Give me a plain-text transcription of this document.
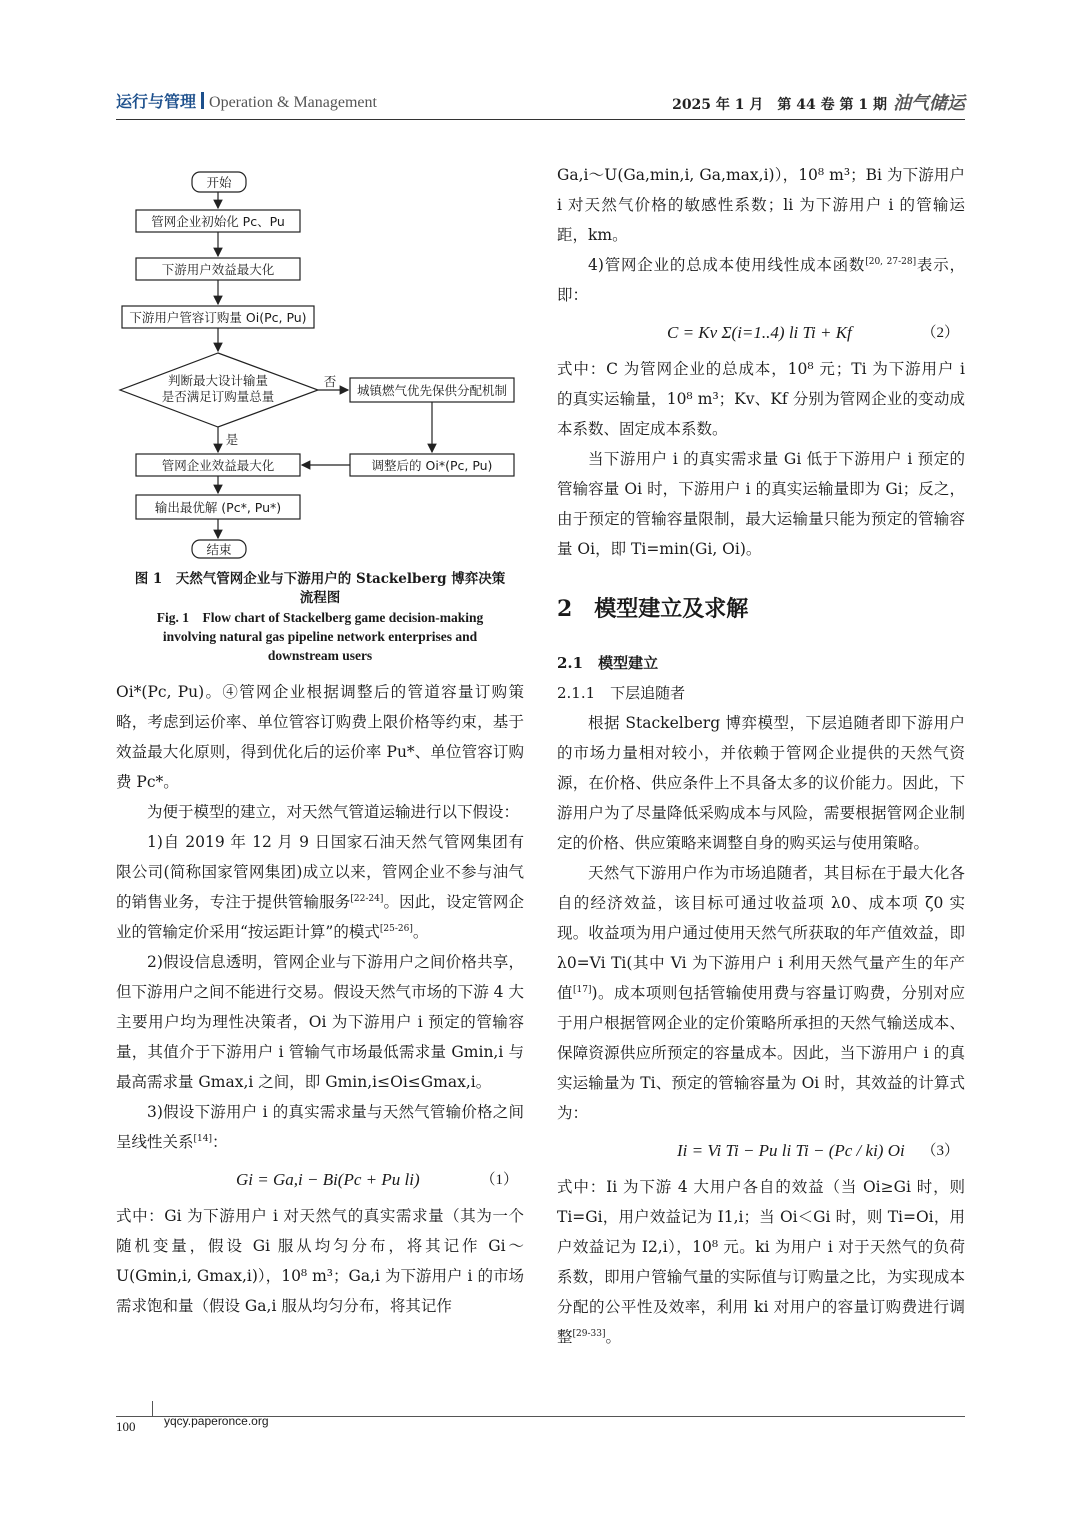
运行与管理 Operation & Management	2025 年 1 月　第 44 卷 第 1 期 油气储运
开始
管网企业初始化 Pc、Pu
下游用户效益最大化
下游用户管容订购量 Oi(Pc, Pu)
判断最大设计输量
是否满足订购量总量
否
是
城镇燃气优先保供分配机制
调整后的 Oi*(Pc, Pu)
管网企业效益最大化
输出最优解 (Pc*, Pu*)
结束
图 1　天然气管网企业与下游用户的 Stackelberg 博弈决策
流程图
Fig. 1　Flow chart of Stackelberg game decision-making
involving natural gas pipeline network enterprises and
downstream users

Oi*(Pc, Pu)。④管网企业根据调整后的管道容量订购策略，考虑到运价率、单位管容订购费上限价格等约束，基于效益最大化原则，得到优化后的运价率 Pu*、单位管容订购费 Pc*。

为便于模型的建立，对天然气管道运输进行以下假设：

1)自 2019 年 12 月 9 日国家石油天然气管网集团有限公司(简称国家管网集团)成立以来，管网企业不参与油气的销售业务，专注于提供管输服务[22-24]。因此，设定管网企业的管输定价采用“按运距计算”的模式[25-26]。

2)假设信息透明，管网企业与下游用户之间价格共享，但下游用户之间不能进行交易。假设天然气市场的下游 4 大主要用户均为理性决策者，Oi 为下游用户 i 预定的管输容量，其值介于下游用户 i 管输气市场最低需求量 Gmin,i 与最高需求量 Gmax,i 之间，即 Gmin,i≤Oi≤Gmax,i。

3)假设下游用户 i 的真实需求量与天然气管输价格之间呈线性关系[14]：

Gi = Ga,i − Bi(Pc + Pu li)	（1）

式中：Gi 为下游用户 i 对天然气的真实需求量（其为一个随机变量，假设 Gi 服从均匀分布，将其记作 Gi～U(Gmin,i, Gmax,i)），10⁸ m³；Ga,i 为下游用户 i 的市场需求饱和量（假设 Ga,i 服从均匀分布，将其记作

Ga,i～U(Ga,min,i, Ga,max,i)），10⁸ m³；Bi 为下游用户 i 对天然气价格的敏感性系数；li 为下游用户 i 的管输运距，km。

4)管网企业的总成本使用线性成本函数[20, 27-28]表示，即：

C = Kv Σ(i=1..4) li Ti + Kf	（2）

式中：C 为管网企业的总成本，10⁸ 元；Ti 为下游用户 i 的真实运输量，10⁸ m³；Kv、Kf 分别为管网企业的变动成本系数、固定成本系数。

当下游用户 i 的真实需求量 Gi 低于下游用户 i 预定的管输容量 Oi 时，下游用户 i 的真实运输量即为 Gi；反之，由于预定的管输容量限制，最大运输量只能为预定的管输容量 Oi，即 Ti=min(Gi, Oi)。

2　模型建立及求解
2.1　模型建立
2.1.1　下层追随者

根据 Stackelberg 博弈模型，下层追随者即下游用户的市场力量相对较小，并依赖于管网企业提供的天然气资源，在价格、供应条件上不具备太多的议价能力。因此，下游用户为了尽量降低采购成本与风险，需要根据管网企业制定的价格、供应策略来调整自身的购买运与使用策略。

天然气下游用户作为市场追随者，其目标在于最大化各自的经济效益，该目标可通过收益项 λ0、成本项 ζ0 实现。收益项为用户通过使用天然气所获取的年产值效益，即 λ0=Vi Ti(其中 Vi 为下游用户 i 利用天然气量产生的年产值[17])。成本项则包括管输使用费与容量订购费，分别对应于用户根据管网企业的定价策略所承担的天然气输送成本、保障资源供应所预定的容量成本。因此，当下游用户 i 的真实运输量为 Ti、预定的管输容量为 Oi 时，其效益的计算式为：

Ii = Vi Ti − Pu li Ti − (Pc / ki) Oi （3）

式中：Ii 为下游 4 大用户各自的效益（当 Oi≥Gi 时，则 Ti=Gi，用户效益记为 I1,i；当 Oi＜Gi 时，则 Ti=Oi，用户效益记为 I2,i），10⁸ 元。ki 为用户 i 对于天然气的负荷系数，即用户管输气量的实际值与订购量之比，为实现成本分配的公平性及效率，利用 ki 对用户的容量订购费进行调整[29-33]。

100 yqcy.paperonce.org
